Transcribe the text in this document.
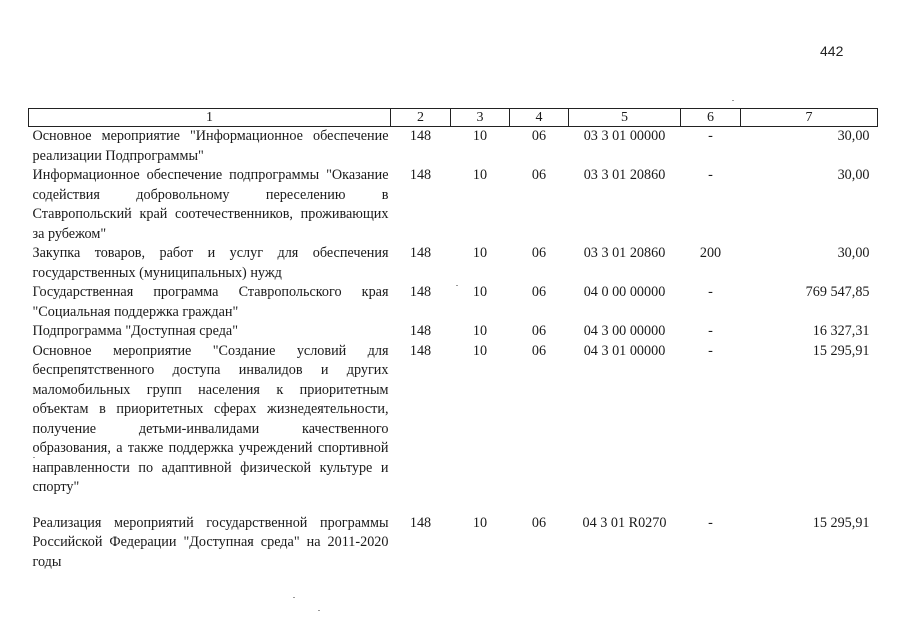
442
1	2	3	4	5	6	7
Основное мероприятие "Информационное обеспечение реализации Подпрограммы"	148	10	06	03 3 01 00000	-	30,00
Информационное обеспечение подпрограммы "Оказание содействия добровольному переселению в Ставропольский край соотечественников, проживающих за рубежом"	148	10	06	03 3 01 20860	-	30,00
Закупка товаров, работ и услуг для обеспечения государственных (муниципальных) нужд	148	10	06	03 3 01 20860	200	30,00
Государственная программа Ставропольского края "Социальная поддержка граждан"	148	10	06	04 0 00 00000	-	769 547,85
Подпрограмма "Доступная среда"	148	10	06	04 3 00 00000	-	16 327,31
Основное мероприятие "Создание условий для беспрепятственного доступа инвалидов и других маломобильных групп населения к приоритетным объектам в приоритетных сферах жизнедеятельности, получение детьми-инвалидами качественного образования, а также поддержка учреждений спортивной направленности по адаптивной физической культуре и спорту"	148	10	06	04 3 01 00000	-	15 295,91
Реализация мероприятий государственной программы Российской Федерации "Доступная среда" на 2011-2020 годы	148	10	06	04 3 01 R0270	-	15 295,91
